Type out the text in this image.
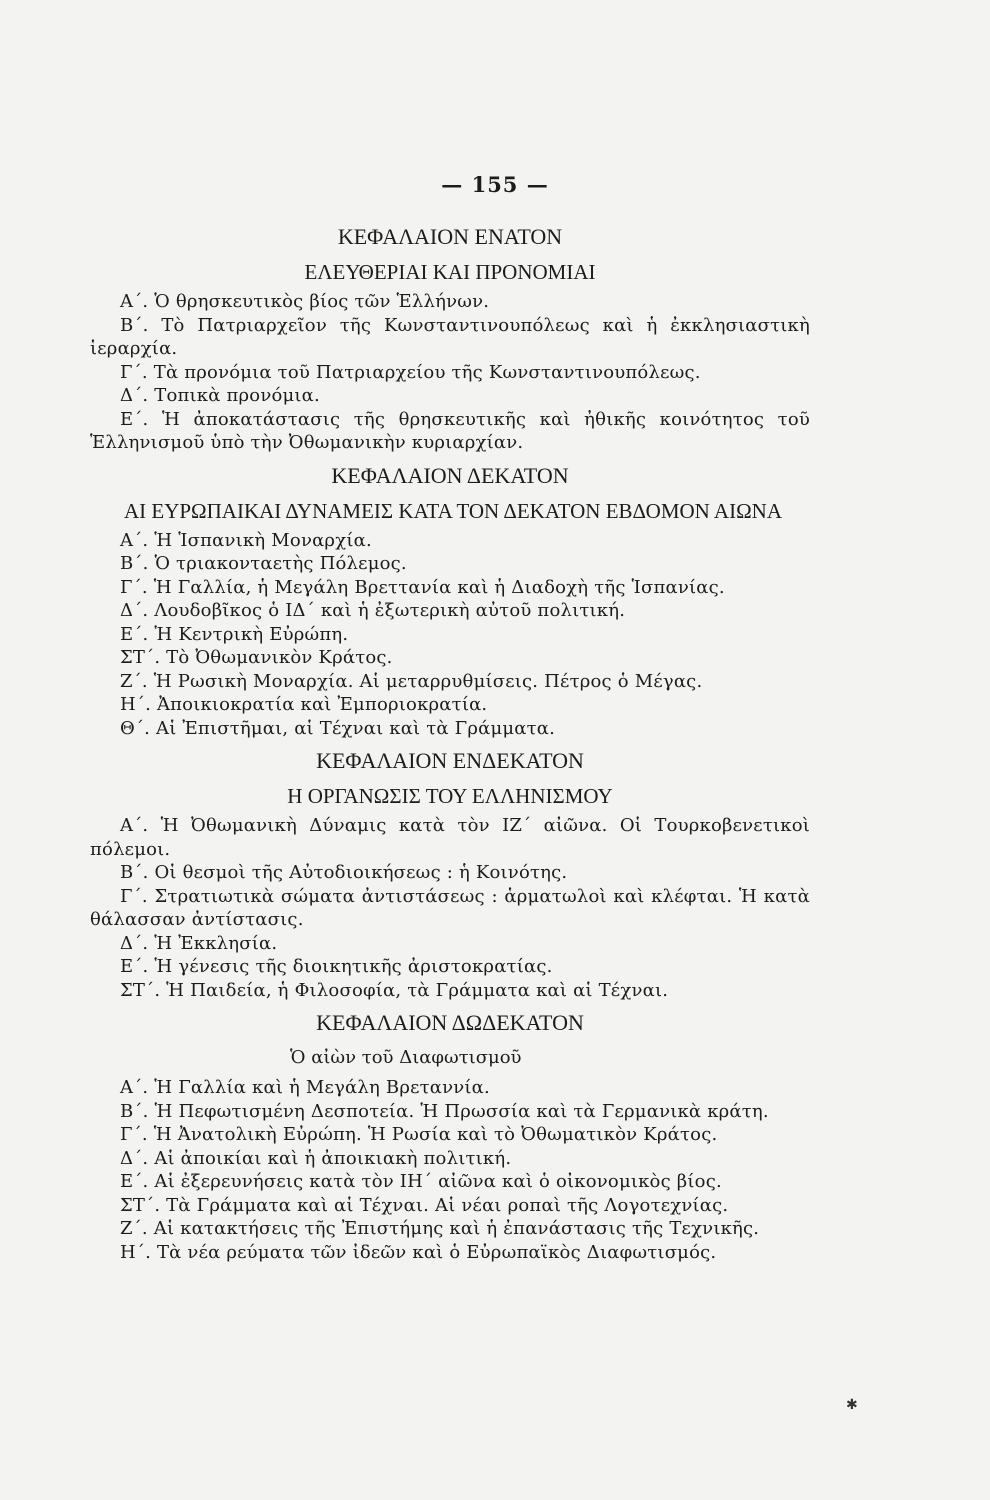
— 155 —

ΚΕΦΑΛΑΙΟΝ ΕΝΑΤΟΝ

ΕΛΕΥΘΕΡΙΑΙ ΚΑΙ ΠΡΟΝΟΜΙΑΙ

Α΄. Ὁ θρησκευτικὸς βίος τῶν Ἑλλήνων.

Β΄. Τὸ Πατριαρχεῖον τῆς Κωνσταντινουπόλεως καὶ ἡ ἐκκλησιαστικὴ ἱεραρχία.

Γ΄. Τὰ προνόμια τοῦ Πατριαρχείου τῆς Κωνσταντινουπόλεως.

Δ΄. Τοπικὰ προνόμια.

Ε΄. Ἡ ἀποκατάστασις τῆς θρησκευτικῆς καὶ ἠθικῆς κοινότητος τοῦ Ἑλληνισμοῦ ὑπὸ τὴν Ὀθωμανικὴν κυριαρχίαν.

ΚΕΦΑΛΑΙΟΝ ΔΕΚΑΤΟΝ

ΑΙ ΕΥΡΩΠΑΙΚΑΙ ΔΥΝΑΜΕΙΣ ΚΑΤΑ ΤΟΝ ΔΕΚΑΤΟΝ ΕΒΔΟΜΟΝ ΑΙΩΝΑ

Α΄. Ἡ Ἱσπανικὴ Μοναρχία.

Β΄. Ὁ τριακονταετὴς Πόλεμος.

Γ΄. Ἡ Γαλλία, ἡ Μεγάλη Βρεττανία καὶ ἡ Διαδοχὴ τῆς Ἱσπανίας.

Δ΄. Λουδοβῖκος ὁ ΙΔ΄ καὶ ἡ ἐξωτερικὴ αὐτοῦ πολιτική.

Ε΄. Ἡ Κεντρικὴ Εὐρώπη.

ΣΤ΄. Τὸ Ὀθωμανικὸν Κράτος.

Ζ΄. Ἡ Ρωσικὴ Μοναρχία. Αἱ μεταρρυθμίσεις. Πέτρος ὁ Μέγας.

Η΄. Ἀποικιοκρατία καὶ Ἐμποριοκρατία.

Θ΄. Αἱ Ἐπιστῆμαι, αἱ Τέχναι καὶ τὰ Γράμματα.

ΚΕΦΑΛΑΙΟΝ ΕΝΔΕΚΑΤΟΝ

Η ΟΡΓΑΝΩΣΙΣ ΤΟΥ ΕΛΛΗΝΙΣΜΟΥ

Α΄. Ἡ Ὀθωμανικὴ Δύναμις κατὰ τὸν ΙΖ΄ αἰῶνα. Οἱ Τουρκοβενετικοὶ πόλεμοι.

Β΄. Οἱ θεσμοὶ τῆς Αὐτοδιοικήσεως : ἡ Κοινότης.

Γ΄. Στρατιωτικὰ σώματα ἀντιστάσεως : ἁρματωλοὶ καὶ κλέφται. Ἡ κατὰ θάλασσαν ἀντίστασις.

Δ΄. Ἡ Ἐκκλησία.

Ε΄. Ἡ γένεσις τῆς διοικητικῆς ἀριστοκρατίας.

ΣΤ΄. Ἡ Παιδεία, ἡ Φιλοσοφία, τὰ Γράμματα καὶ αἱ Τέχναι.

ΚΕΦΑΛΑΙΟΝ ΔΩΔΕΚΑΤΟΝ

Ὁ αἰὼν τοῦ Διαφωτισμοῦ

Α΄. Ἡ Γαλλία καὶ ἡ Μεγάλη Βρεταννία.

Β΄. Ἡ Πεφωτισμένη Δεσποτεία. Ἡ Πρωσσία καὶ τὰ Γερμανικὰ κράτη.

Γ΄. Ἡ Ἀνατολικὴ Εὐρώπη. Ἡ Ρωσία καὶ τὸ Ὀθωματικὸν Κράτος.

Δ΄. Αἱ ἀποικίαι καὶ ἡ ἀποικιακὴ πολιτική.

Ε΄. Αἱ ἐξερευνήσεις κατὰ τὸν ΙΗ΄ αἰῶνα καὶ ὁ οἰκονομικὸς βίος.

ΣΤ΄. Τὰ Γράμματα καὶ αἱ Τέχναι. Αἱ νέαι ροπαὶ τῆς Λογοτεχνίας.

Ζ΄. Αἱ κατακτήσεις τῆς Ἐπιστήμης καὶ ἡ ἐπανάστασις τῆς Τεχνικῆς.

Η΄. Τὰ νέα ρεύματα τῶν ἰδεῶν καὶ ὁ Εὐρωπαϊκὸς Διαφωτισμός.

✱
